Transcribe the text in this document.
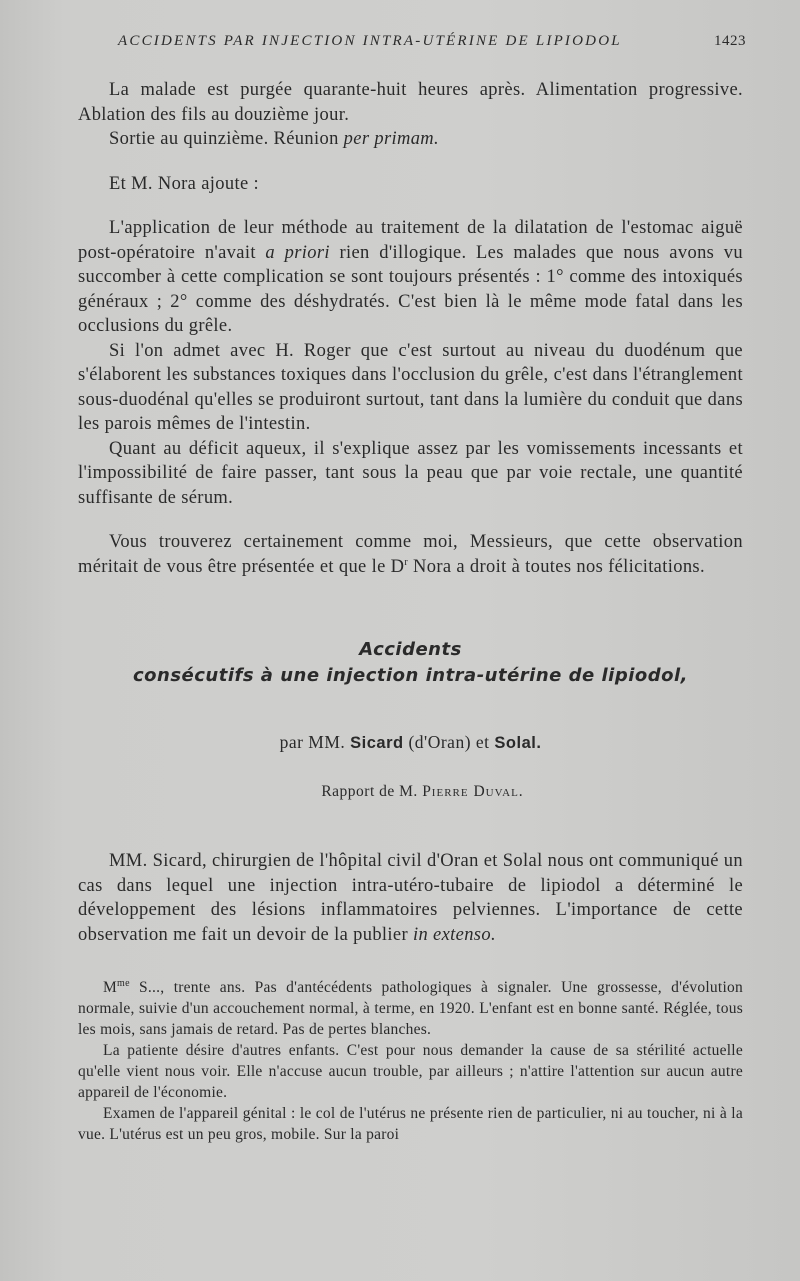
ACCIDENTS PAR INJECTION INTRA-UTÉRINE DE LIPIODOL	1423

La malade est purgée quarante-huit heures après. Alimentation progressive. Ablation des fils au douzième jour.

Sortie au quinzième. Réunion per primam.

Et M. Nora ajoute :

L'application de leur méthode au traitement de la dilatation de l'estomac aiguë post-opératoire n'avait a priori rien d'illogique. Les malades que nous avons vu succomber à cette complication se sont toujours présentés : 1° comme des intoxiqués généraux ; 2° comme des déshydratés. C'est bien là le même mode fatal dans les occlusions du grêle.

Si l'on admet avec H. Roger que c'est surtout au niveau du duodénum que s'élaborent les substances toxiques dans l'occlusion du grêle, c'est dans l'étranglement sous-duodénal qu'elles se produiront surtout, tant dans la lumière du conduit que dans les parois mêmes de l'intestin.

Quant au déficit aqueux, il s'explique assez par les vomissements incessants et l'impossibilité de faire passer, tant sous la peau que par voie rectale, une quantité suffisante de sérum.

Vous trouverez certainement comme moi, Messieurs, que cette observation méritait de vous être présentée et que le $D^r$ Nora a droit à toutes nos félicitations.

Accidents
consécutifs à une injection intra-utérine de lipiodol,
par MM. Sicard (d'Oran) et Solal.
Rapport de M. Pierre Duval.

MM. Sicard, chirurgien de l'hôpital civil d'Oran et Solal nous ont communiqué un cas dans lequel une injection intra-utéro-tubaire de lipiodol a déterminé le développement des lésions inflammatoires pelviennes. L'importance de cette observation me fait un devoir de la publier in extenso.

$M^{me}$ S..., trente ans. Pas d'antécédents pathologiques à signaler. Une grossesse, d'évolution normale, suivie d'un accouchement normal, à terme, en 1920. L'enfant est en bonne santé. Réglée, tous les mois, sans jamais de retard. Pas de pertes blanches.

La patiente désire d'autres enfants. C'est pour nous demander la cause de sa stérilité actuelle qu'elle vient nous voir. Elle n'accuse aucun trouble, par ailleurs ; n'attire l'attention sur aucun autre appareil de l'économie.

Examen de l'appareil génital : le col de l'utérus ne présente rien de particulier, ni au toucher, ni à la vue. L'utérus est un peu gros, mobile. Sur la paroi
